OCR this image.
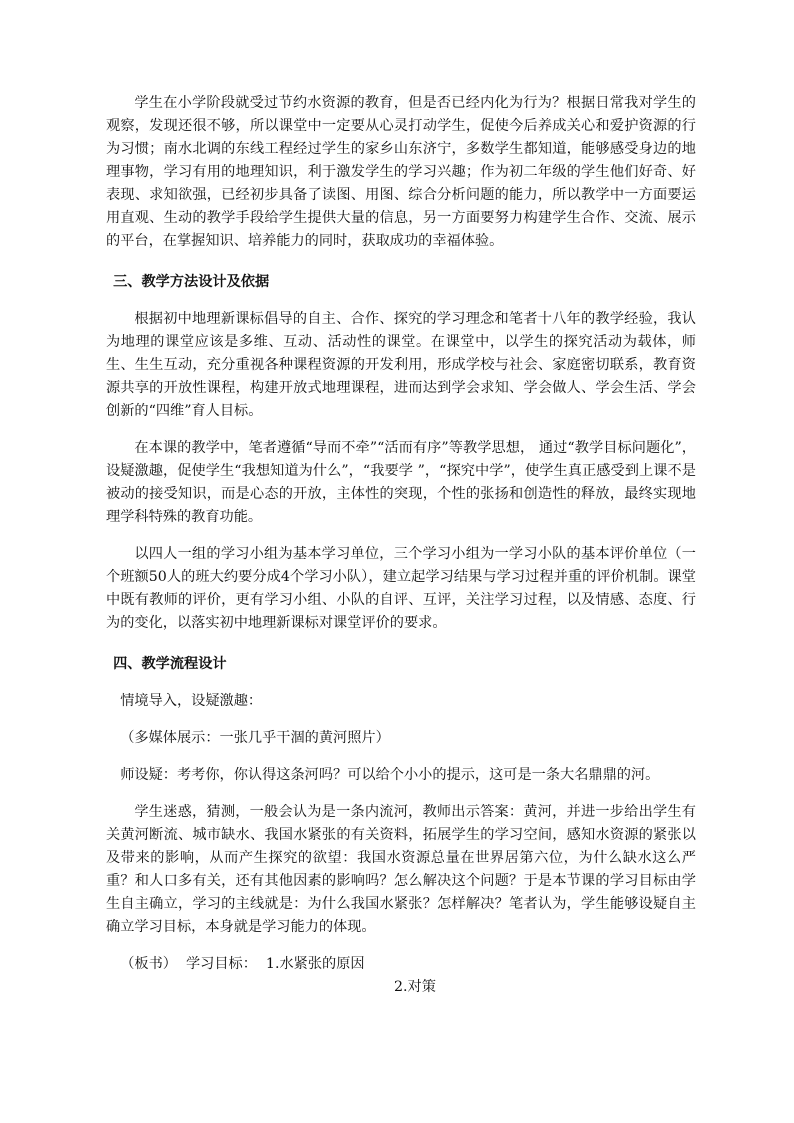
学生在小学阶段就受过节约水资源的教育，但是否已经内化为行为？根据日常我对学生的观察，发现还很不够，所以课堂中一定要从心灵打动学生，促使今后养成关心和爱护资源的行为习惯；南水北调的东线工程经过学生的家乡山东济宁，多数学生都知道，能够感受身边的地理事物，学习有用的地理知识，利于激发学生的学习兴趣；作为初二年级的学生他们好奇、好表现、求知欲强，已经初步具备了读图、用图、综合分析问题的能力，所以教学中一方面要运用直观、生动的教学手段给学生提供大量的信息，另一方面要努力构建学生合作、交流、展示的平台，在掌握知识、培养能力的同时，获取成功的幸福体验。

三、教学方法设计及依据

根据初中地理新课标倡导的自主、合作、探究的学习理念和笔者十八年的教学经验，我认为地理的课堂应该是多维、互动、活动性的课堂。在课堂中，以学生的探究活动为载体，师生、生生互动，充分重视各种课程资源的开发利用，形成学校与社会、家庭密切联系，教育资源共享的开放性课程，构建开放式地理课程，进而达到学会求知、学会做人、学会生活、学会创新的“四维”育人目标。

在本课的教学中，笔者遵循“导而不牵”“活而有序”等教学思想， 通过“教学目标问题化”，设疑激趣，促使学生“我想知道为什么”，“我要学 ”，“探究中学”，使学生真正感受到上课不是被动的接受知识，而是心态的开放，主体性的突现，个性的张扬和创造性的释放，最终实现地理学科特殊的教育功能。

以四人一组的学习小组为基本学习单位，三个学习小组为一学习小队的基本评价单位（一个班额50人的班大约要分成4个学习小队），建立起学习结果与学习过程并重的评价机制。课堂中既有教师的评价，更有学习小组、小队的自评、互评，关注学习过程，以及情感、态度、行为的变化，以落实初中地理新课标对课堂评价的要求。

四、教学流程设计

情境导入，设疑激趣：

（多媒体展示：一张几乎干涸的黄河照片）

师设疑：考考你，你认得这条河吗？可以给个小小的提示，这可是一条大名鼎鼎的河。

学生迷惑，猜测，一般会认为是一条内流河，教师出示答案：黄河，并进一步给出学生有关黄河断流、城市缺水、我国水紧张的有关资料，拓展学生的学习空间，感知水资源的紧张以及带来的影响，从而产生探究的欲望：我国水资源总量在世界居第六位，为什么缺水这么严重？和人口多有关，还有其他因素的影响吗？怎么解决这个问题？于是本节课的学习目标由学生自主确立，学习的主线就是：为什么我国水紧张？怎样解决？笔者认为，学生能够设疑自主确立学习目标，本身就是学习能力的体现。

（板书）  学习目标：  1.水紧张的原因

2.对策
